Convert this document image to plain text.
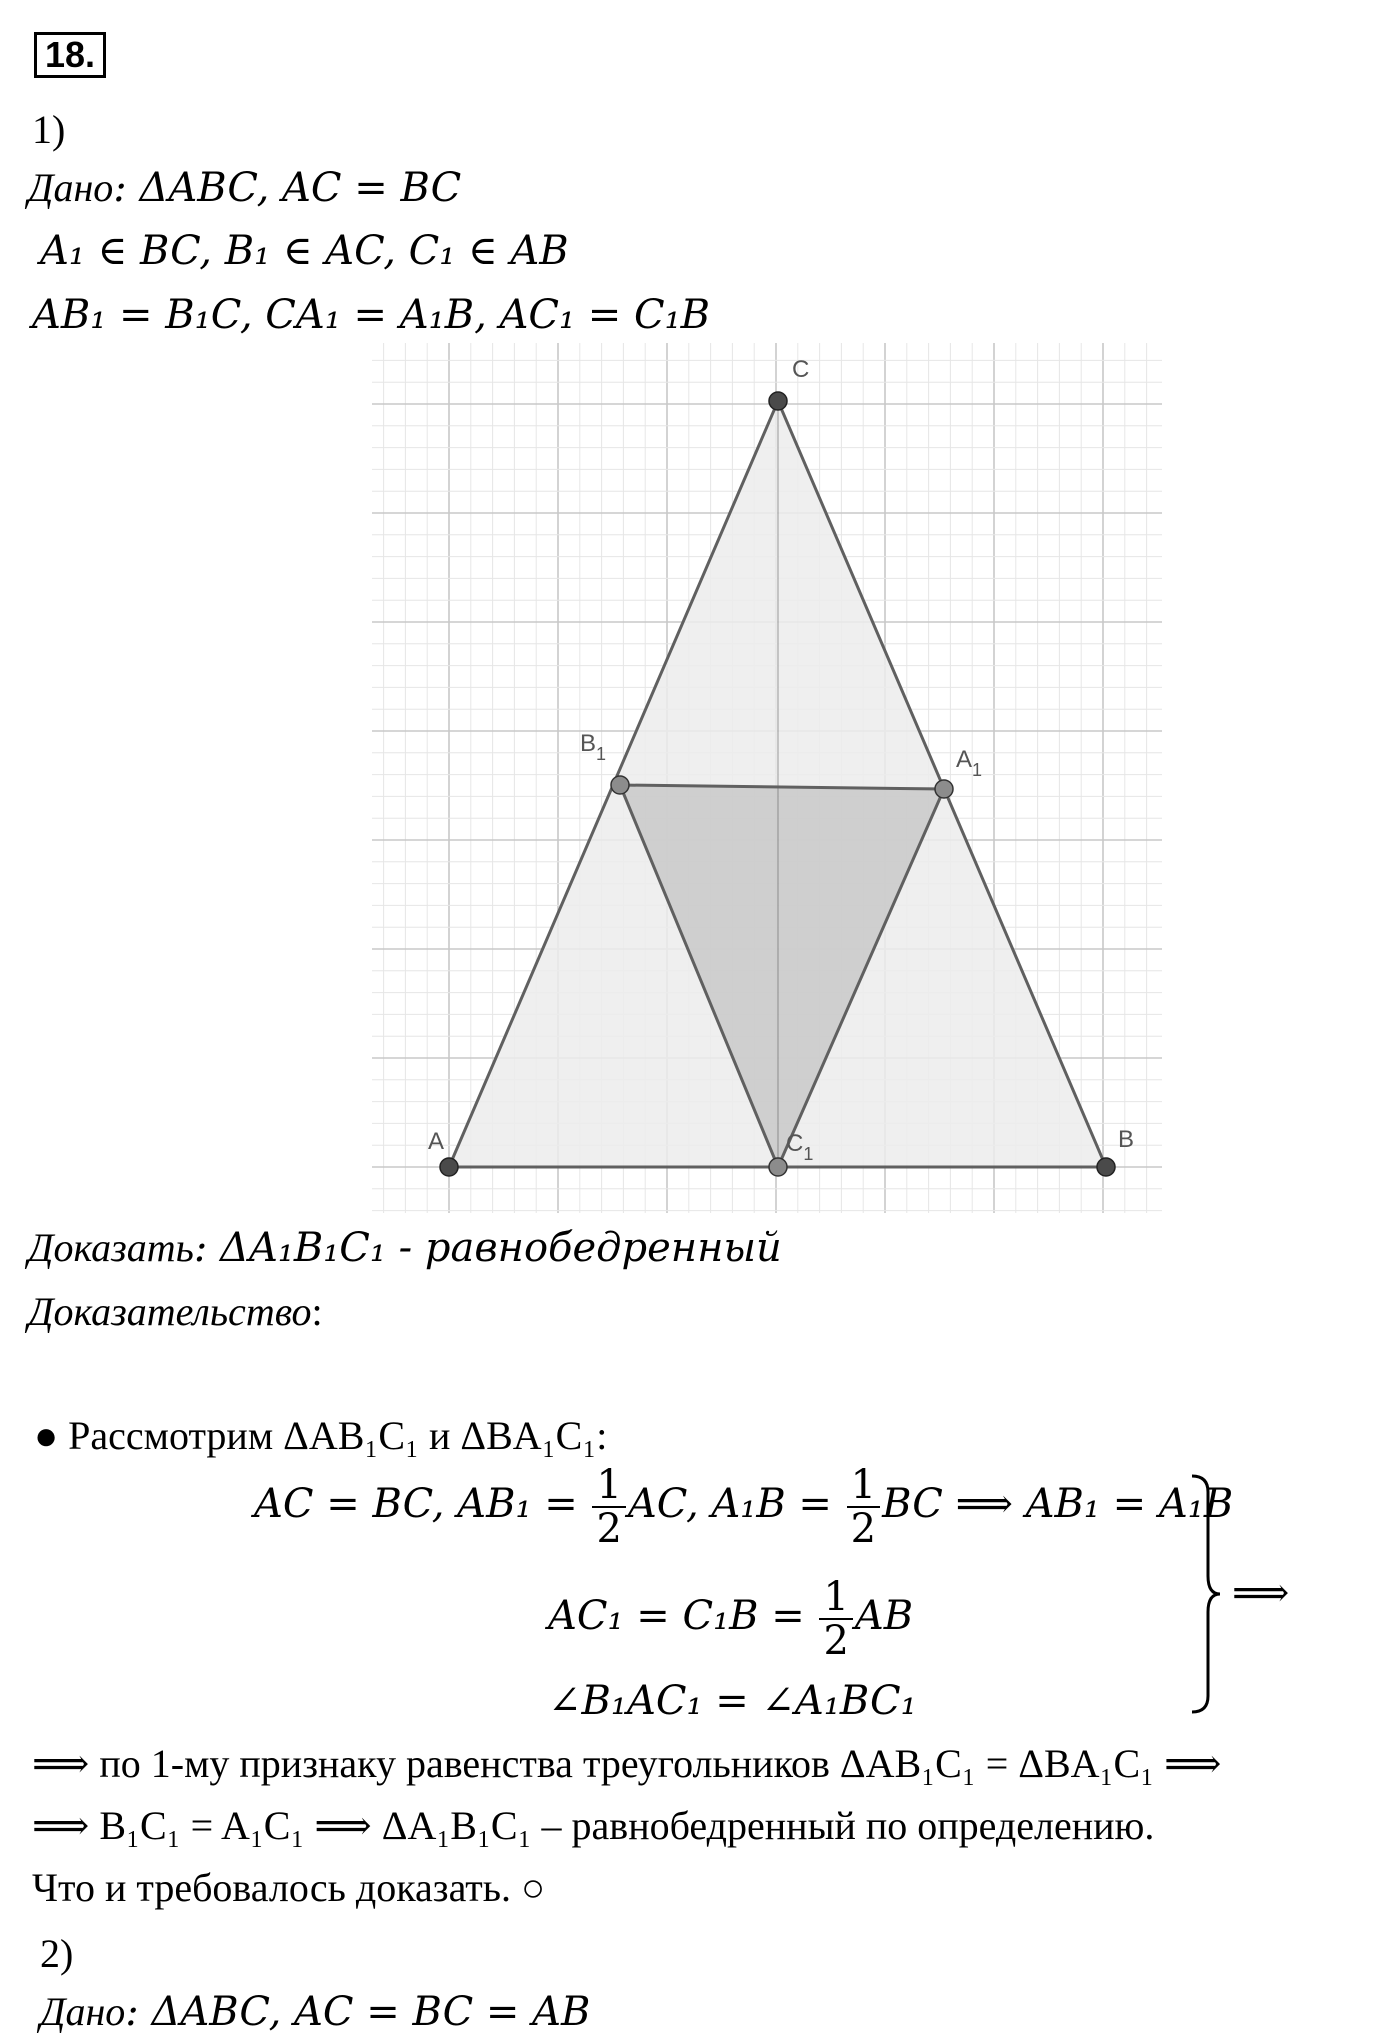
18.
1)
Дано: ΔABC, AC = BC
A₁ ∈ BC, B₁ ∈ AC, C₁ ∈ AB
AB₁ = B₁C, CA₁ = A₁B, AC₁ = C₁B
A	B
C
$B_1$	$A_1$
$C_1$
Доказать: ΔA₁B₁C₁ - равнобедренный
Доказательство:
● Рассмотрим ΔAB₁C₁ и ΔBA₁C₁:
AC = BC, $AB_1 = \frac{1}{2}$ AC, $A_1B = \frac{1}{2}$ BC ⟹ AB₁ = A₁B
$AC_1 = C_1B = \frac{1}{2}$ AB
∠B₁AC₁ = ∠A₁BC₁
⟹
⟹ по 1-му признаку равенства треугольников ΔAB₁C₁ = ΔBA₁C₁ ⟹
⟹ B₁C₁ = A₁C₁ ⟹ ΔA₁B₁C₁ – равнобедренный по определению.
Что и требовалось доказать. ○
2)
Дано: ΔABC, AC = BC = AB
